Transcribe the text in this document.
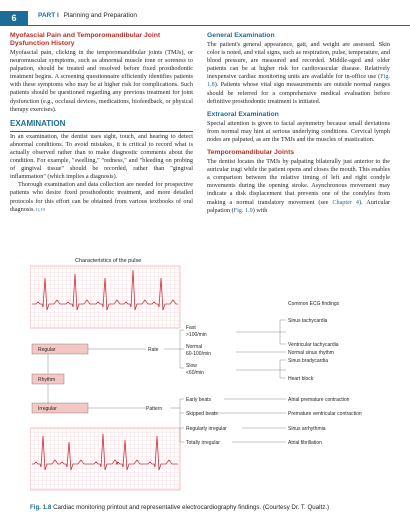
6	PART I Planning and Preparation
Myofascial Pain and Temporomandibular Joint Dysfunction History

Myofascial pain, clicking in the temporomandibular joints (TMJs), or neuromuscular symptoms, such as abnormal muscle tone or soreness to palpation, should be treated and resolved before fixed prosthodontic treatment begins. A screening questionnaire efficiently identifies patients with these symptoms who may be at higher risk for complications. Such patients should be questioned regarding any previous treatment for joint dysfunction (e.g., occlusal devices, medications, biofeedback, or physical therapy exercises).

EXAMINATION

In an examination, the dentist uses sight, touch, and hearing to detect abnormal conditions. To avoid mistakes, it is critical to record what is actually observed rather than to make diagnostic comments about the condition. For example, "swelling," "redness," and "bleeding on probing of gingival tissue" should be recorded, rather than "gingival inflammation" (which implies a diagnosis).

Thorough examination and data collection are needed for prospective patients who desire fixed prosthodontic treatment, and more detailed protocols for this effort can be obtained from various textbooks of oral diagnosis.$^{11,19}$

General Examination

The patient's general appearance, gait, and weight are assessed. Skin color is noted, and vital signs, such as respiration, pulse, temperature, and blood pressure, are measured and recorded. Middle-aged and older patients can be at higher risk for cardiovascular disease. Relatively inexpensive cardiac monitoring units are available for in-office use (Fig. 1.8). Patients whose vital sign measurements are outside normal ranges should be referred for a comprehensive medical evaluation before definitive prosthodontic treatment is initiated.

Extraoral Examination

Special attention is given to facial asymmetry because small deviations from normal may hint at serious underlying conditions. Cervical lymph nodes are palpated, as are the TMJs and the muscles of mastication.

Temporomandibular Joints

The dentist locates the TMJs by palpating bilaterally just anterior to the auricular tragi while the patient opens and closes the mouth. This enables a comparison between the relative timing of left and right condyle movements during the opening stroke. Asynchronous movement may indicate a disk displacement that prevents one of the condyles from making a normal translatory movement (see Chapter 4). Auricular palpation (Fig. 1.9) with

Characteristics of the pulse
Common ECG findings
Regular
Rhythm
Irregular
Rate
Pattern
Fast
>100/min
Normal
60-100/min
Slow
<60/min
Early beats
Skipped beats
Regularly irregular
Totally irregular
Sinus tachycardia
Ventricular tachycardia
Normal sinus rhythm
Sinus bradycardia
Heart block
Atrial premature contraction
Premature ventricular contraction
Sinus arrhythmia
Atrial fibrillation
Fig. 1.8 Cardiac monitoring printout and representative electrocardiography findings. (Courtesy Dr. T. Qualtz.)
